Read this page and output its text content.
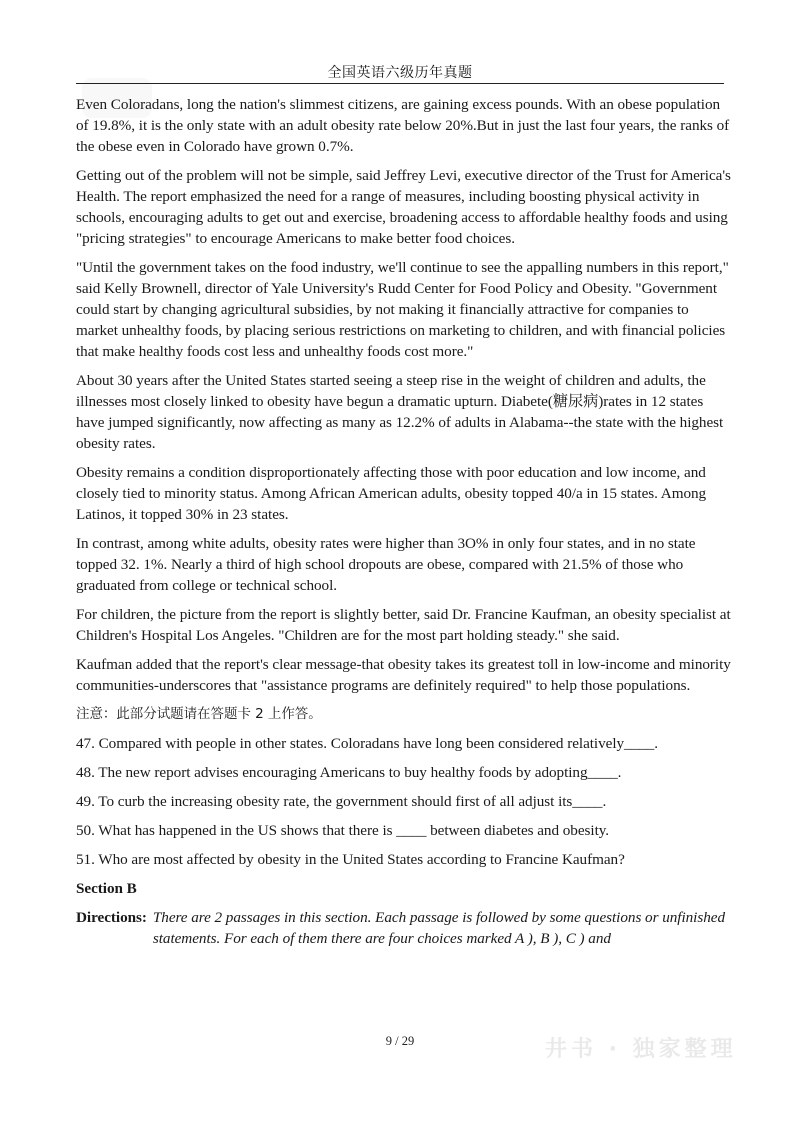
全国英语六级历年真题

Even Coloradans, long the nation's slimmest citizens, are gaining excess pounds. With an obese population of 19.8%, it is the only state with an adult obesity rate below 20%.But in just the last four years, the ranks of the obese even in Colorado have grown 0.7%.

Getting out of the problem will not be simple, said Jeffrey Levi, executive director of the Trust for America's Health. The report emphasized the need for a range of measures, including boosting physical activity in schools, encouraging adults to get out and exercise, broadening access to affordable healthy foods and using "pricing strategies" to encourage Americans to make better food choices.

"Until the government takes on the food industry, we'll continue to see the appalling numbers in this report," said Kelly Brownell, director of Yale University's Rudd Center for Food Policy and Obesity. "Government could start by changing agricultural subsidies, by not making it financially attractive for companies to market unhealthy foods, by placing serious restrictions on marketing to children, and with financial policies that make healthy foods cost less and unhealthy foods cost more."

About 30 years after the United States started seeing a steep rise in the weight of children and adults, the illnesses most closely linked to obesity have begun a dramatic upturn. Diabete(糖尿病)rates in 12 states have jumped significantly, now affecting as many as 12.2% of adults in Alabama--the state with the highest obesity rates.

Obesity remains a condition disproportionately affecting those with poor education and low income, and closely tied to minority status. Among African American adults, obesity topped 40/a in 15 states. Among Latinos, it topped 30% in 23 states.

In contrast, among white adults, obesity rates were higher than 3O% in only four states, and in no state topped 32. 1%. Nearly a third of high school dropouts are obese, compared with 21.5% of those who graduated from college or technical school.

For children, the picture from the report is slightly better, said Dr. Francine Kaufman, an obesity specialist at Children's Hospital Los Angeles. "Children are for the most part holding steady." she said.

Kaufman added that the report's clear message-that obesity takes its greatest toll in low-income and minority communities-underscores that "assistance programs are definitely required" to help those populations.

注意：此部分试题请在答题卡 2 上作答。

47. Compared with people in other states. Coloradans have long been considered relatively____.

48. The new report advises encouraging Americans to buy healthy foods by adopting____.

49. To curb the increasing obesity rate, the government should first of all adjust its____.

50. What has happened in the US shows that there is ____ between diabetes and obesity.

51. Who are most affected by obesity in the United States according to Francine Kaufman?

Section B

Directions: There are 2 passages in this section. Each passage is followed by some questions or unfinished statements. For each of them there are four choices marked A ), B ), C ) and
9 / 29	井书 · 独家整理
